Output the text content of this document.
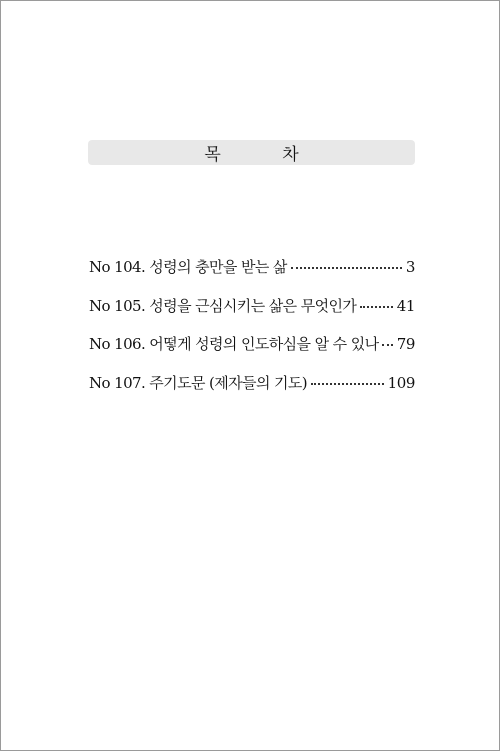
목 차
No 104. 성령의 충만을 받는 삶	3
No 105. 성령을 근심시키는 삶은 무엇인가	41
No 106. 어떻게 성령의 인도하심을 알 수 있나 79
No 107. 주기도문 (제자들의 기도)	109
